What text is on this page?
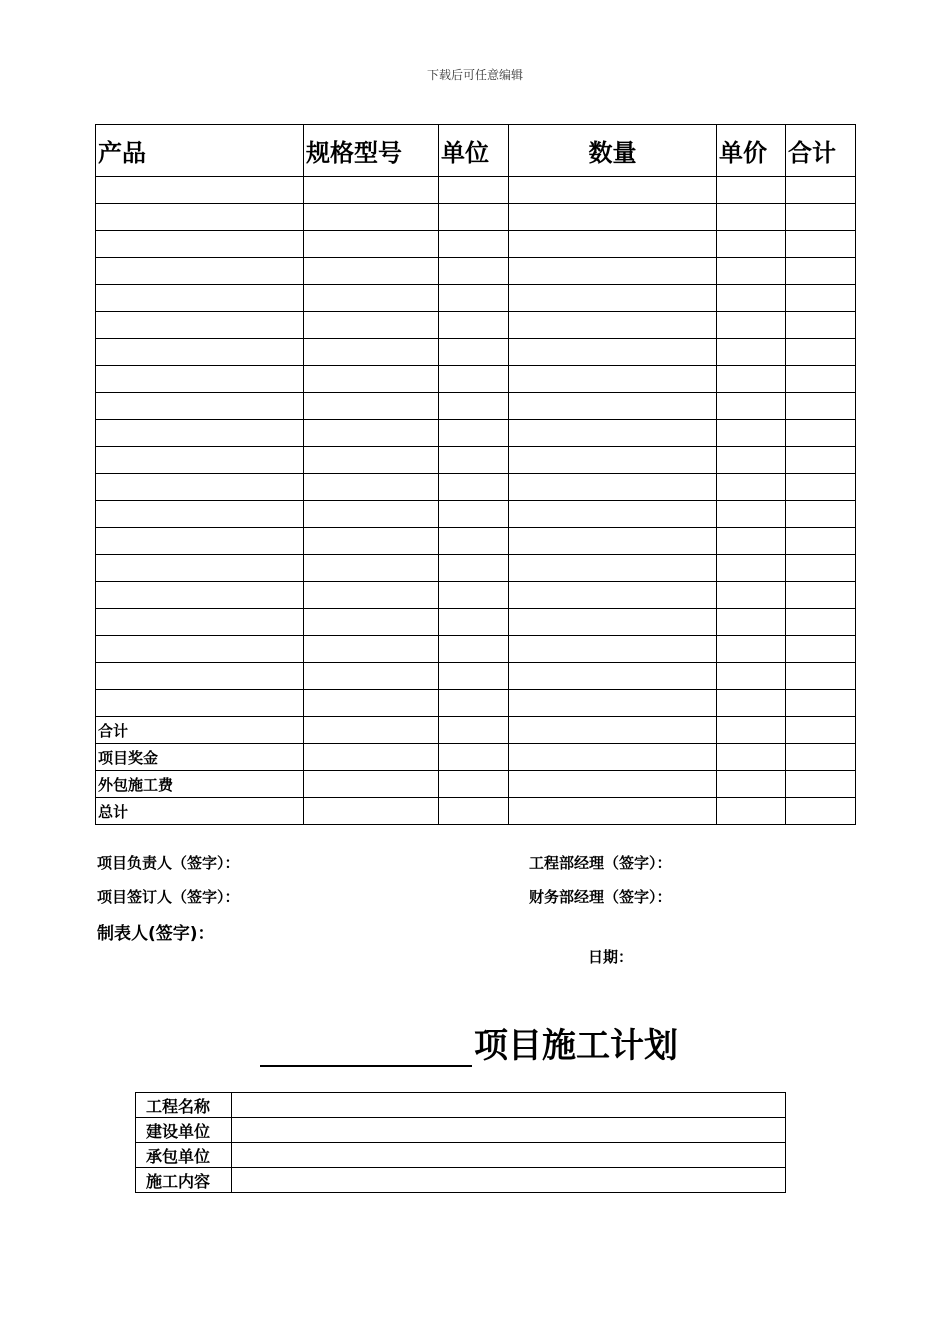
下载后可任意编辑
产品	规格型号	单位	数量	单价	合计

合计					
项目奖金					
外包施工费					
总计					
项目负责人（签字）：	工程部经理（签字）：
项目签订人（签字）：	财务部经理（签字）：
制表人(签字)：
日期：
项目施工计划
工程名称	
建设单位	
承包单位	
施工内容	
